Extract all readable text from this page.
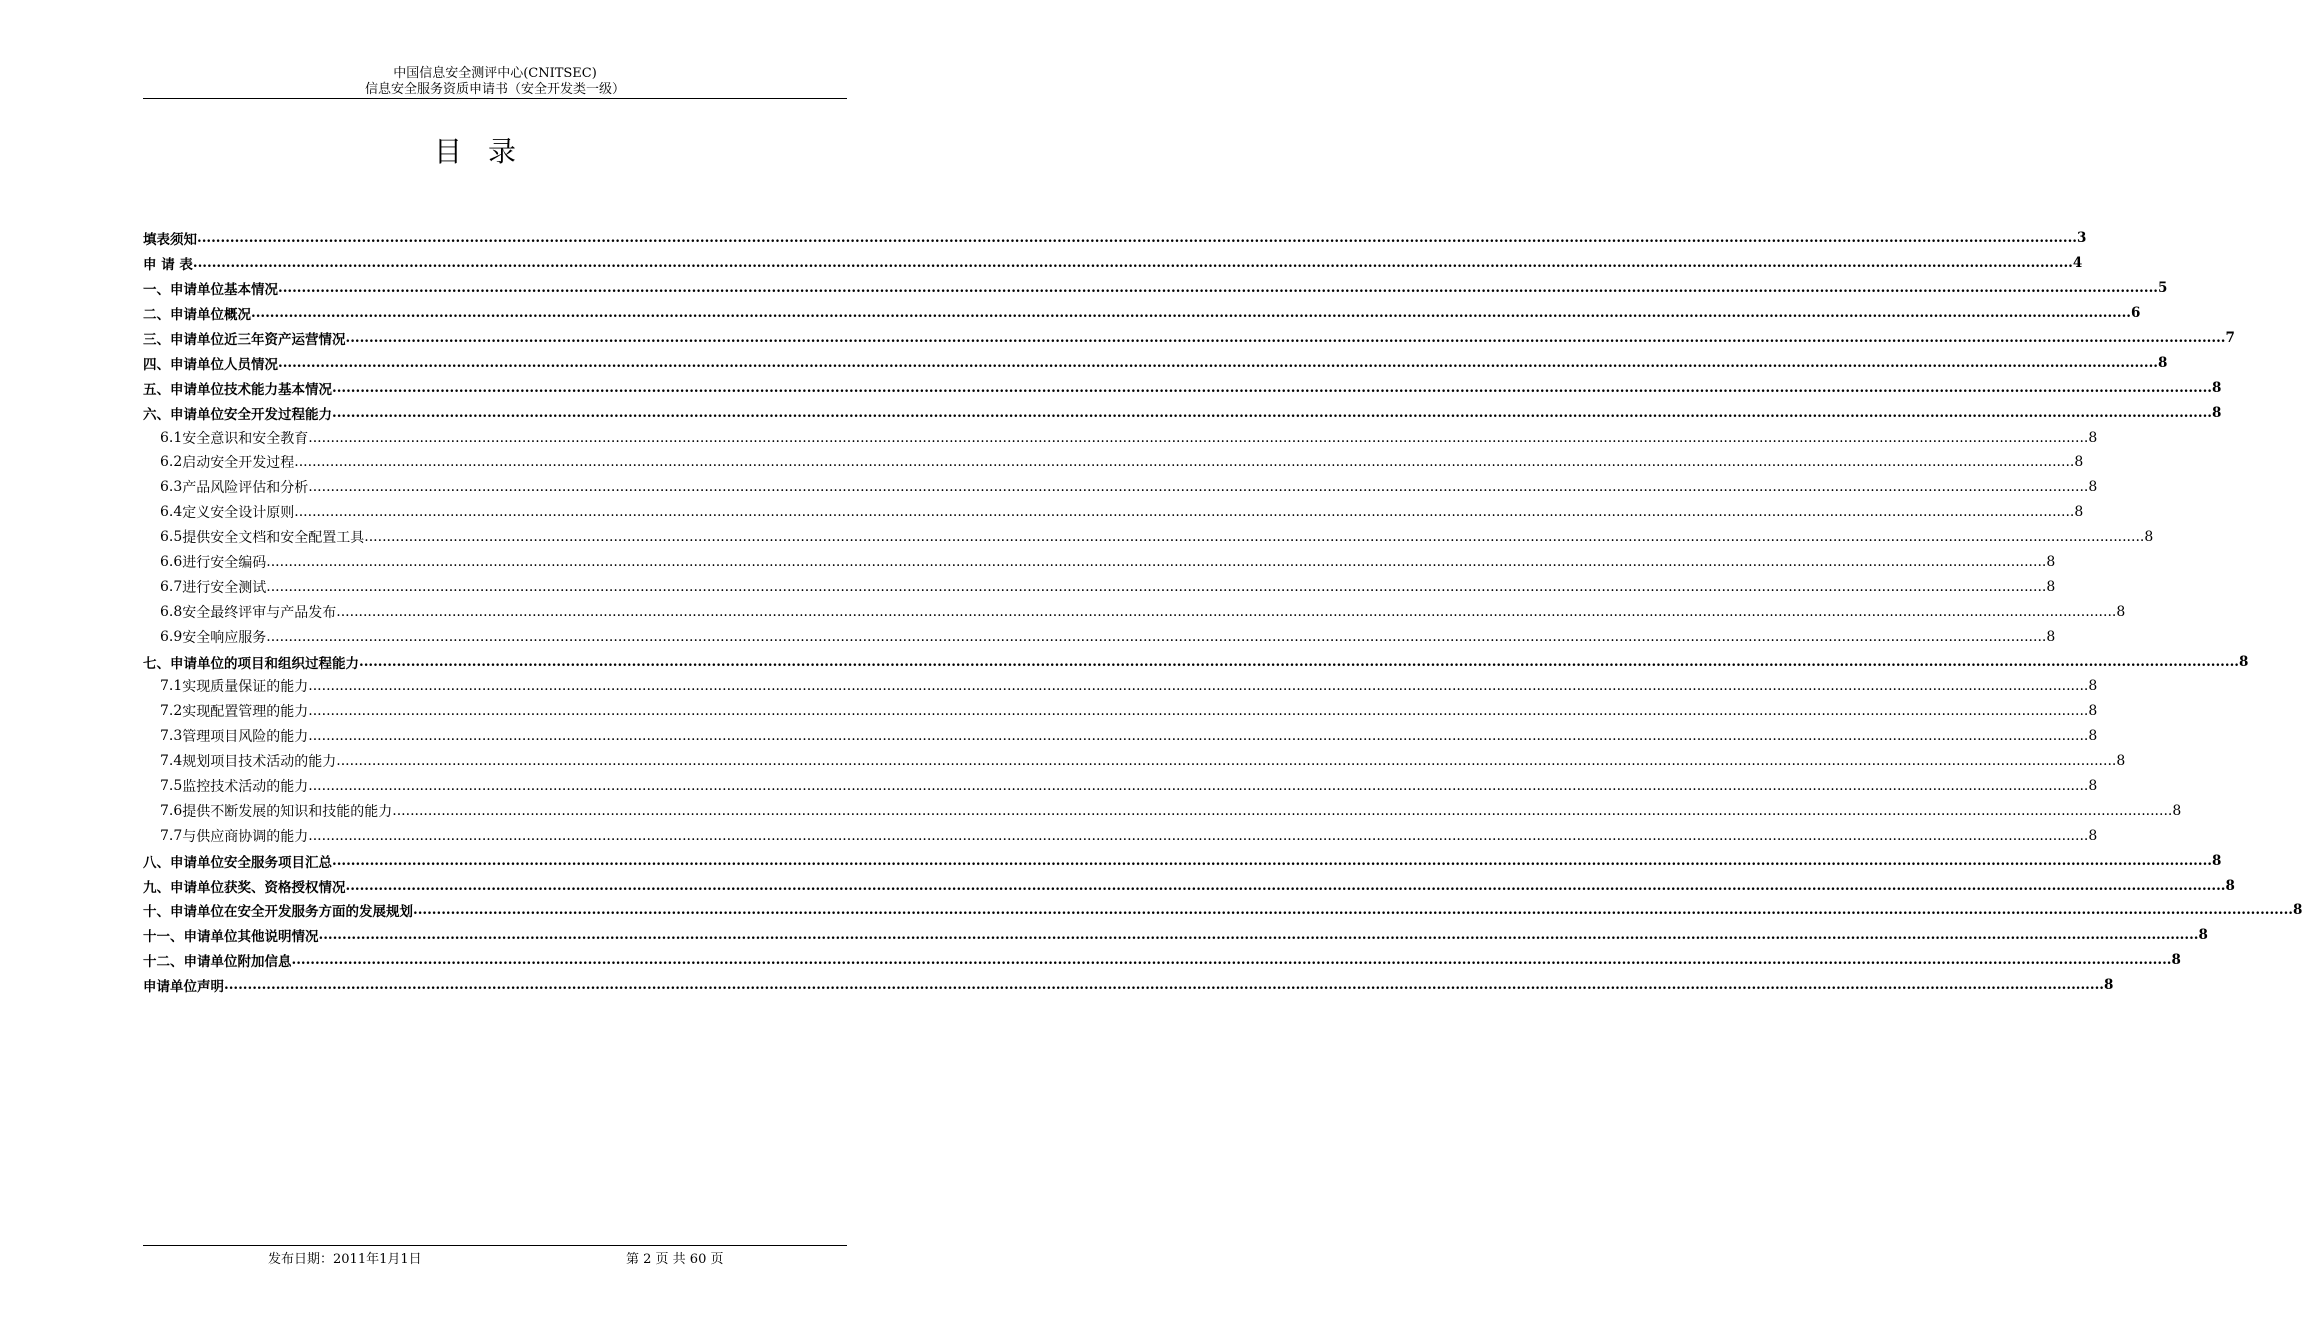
中国信息安全测评中心(CNITSEC)
信息安全服务资质申请书（安全开发类一级）
目录
填表须知 ................................................................................................................................................................................................................................................................................................................................................................................................................ 3
申 请 表 ................................................................................................................................................................................................................................................................................................................................................................................................................ 4
一、 申请单位基本情况 ................................................................................................................................................................................................................................................................................................................................................................................................................ 5
二、 申请单位概况 ................................................................................................................................................................................................................................................................................................................................................................................................................ 6
三、 申请单位近三年资产运营情况 ................................................................................................................................................................................................................................................................................................................................................................................................................ 7
四、 申请单位人员情况 ................................................................................................................................................................................................................................................................................................................................................................................................................ 8
五、 申请单位技术能力基本情况 ................................................................................................................................................................................................................................................................................................................................................................................................................ 8
六、 申请单位安全开发过程能力 ................................................................................................................................................................................................................................................................................................................................................................................................................ 8
6.1 安全意识和安全教育 ................................................................................................................................................................................................................................................................................................................................................................................................................ 8
6.2 启动安全开发过程 ................................................................................................................................................................................................................................................................................................................................................................................................................ 8
6.3 产品风险评估和分析 ................................................................................................................................................................................................................................................................................................................................................................................................................ 8
6.4 定义安全设计原则 ................................................................................................................................................................................................................................................................................................................................................................................................................ 8
6.5 提供安全文档和安全配置工具 ................................................................................................................................................................................................................................................................................................................................................................................................................ 8
6.6 进行安全编码 ................................................................................................................................................................................................................................................................................................................................................................................................................ 8
6.7 进行安全测试 ................................................................................................................................................................................................................................................................................................................................................................................................................ 8
6.8 安全最终评审与产品发布 ................................................................................................................................................................................................................................................................................................................................................................................................................ 8
6.9 安全响应服务 ................................................................................................................................................................................................................................................................................................................................................................................................................ 8
七、 申请单位的项目和组织过程能力 ................................................................................................................................................................................................................................................................................................................................................................................................................ 8
7.1 实现质量保证的能力 ................................................................................................................................................................................................................................................................................................................................................................................................................ 8
7.2 实现配置管理的能力 ................................................................................................................................................................................................................................................................................................................................................................................................................ 8
7.3 管理项目风险的能力 ................................................................................................................................................................................................................................................................................................................................................................................................................ 8
7.4 规划项目技术活动的能力 ................................................................................................................................................................................................................................................................................................................................................................................................................ 8
7.5 监控技术活动的能力 ................................................................................................................................................................................................................................................................................................................................................................................................................ 8
7.6 提供不断发展的知识和技能的能力 ................................................................................................................................................................................................................................................................................................................................................................................................................ 8
7.7 与供应商协调的能力 ................................................................................................................................................................................................................................................................................................................................................................................................................ 8
八、 申请单位安全服务项目汇总 ................................................................................................................................................................................................................................................................................................................................................................................................................ 8
九、 申请单位获奖、资格授权情况 ................................................................................................................................................................................................................................................................................................................................................................................................................ 8
十、 申请单位在安全开发服务方面的发展规划 ................................................................................................................................................................................................................................................................................................................................................................................................................ 8
十一、 申请单位其他说明情况 ................................................................................................................................................................................................................................................................................................................................................................................................................ 8
十二、 申请单位附加信息 ................................................................................................................................................................................................................................................................................................................................................................................................................ 8
申请单位声明 ................................................................................................................................................................................................................................................................................................................................................................................................................ 8
发布日期：2011年1月1日	第 2 页 共 60 页
